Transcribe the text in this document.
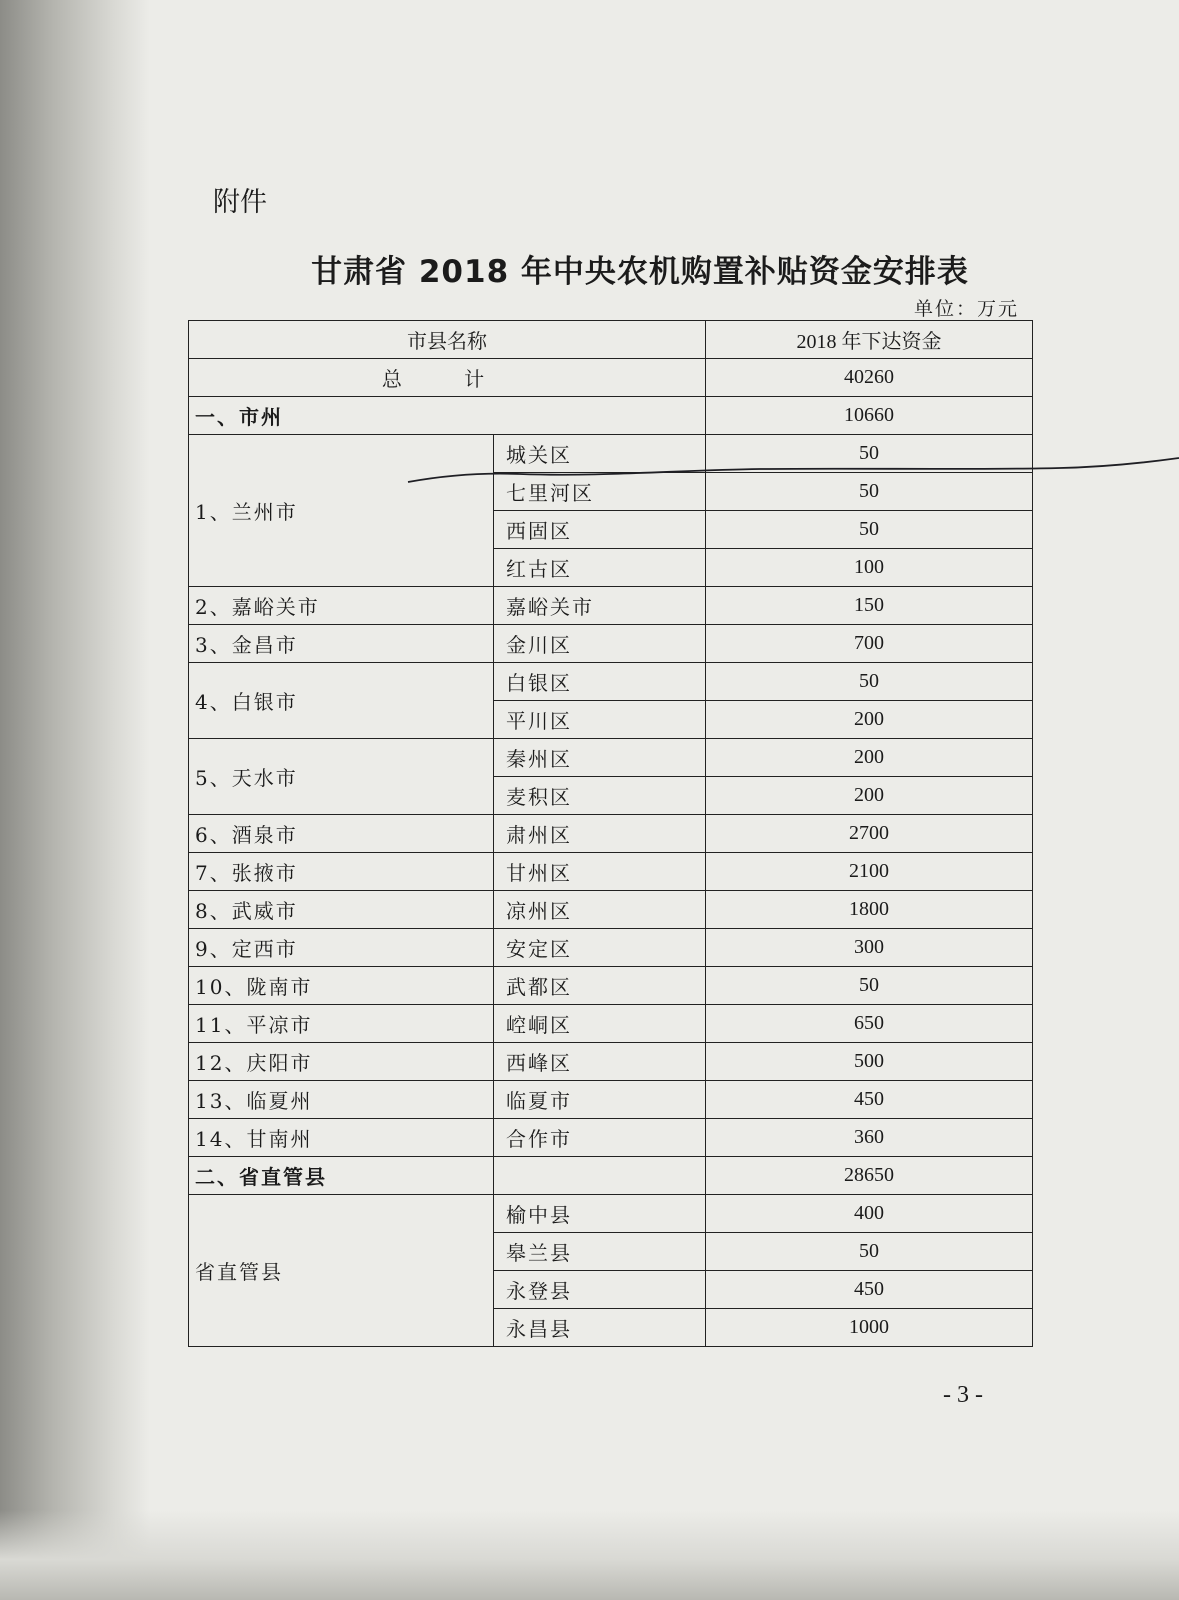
附件
甘肃省 2018 年中央农机购置补贴资金安排表
单位：万元
市县名称		2018 年下达资金
总 计		40260
一、市州		10660
1、兰州市	城关区	50
	七里河区	50
	西固区	50
	红古区	100
2、嘉峪关市	嘉峪关市	150
3、金昌市	金川区	700
4、白银市	白银区	50
	平川区	200
5、天水市	秦州区	200
	麦积区	200
6、酒泉市	肃州区	2700
7、张掖市	甘州区	2100
8、武威市	凉州区	1800
9、定西市	安定区	300
10、陇南市	武都区	50
11、平凉市	崆峒区	650
12、庆阳市	西峰区	500
13、临夏州	临夏市	450
14、甘南州	合作市	360
二、省直管县		28650
省直管县	榆中县	400
	皋兰县	50
	永登县	450
	永昌县	1000
- 3 -
